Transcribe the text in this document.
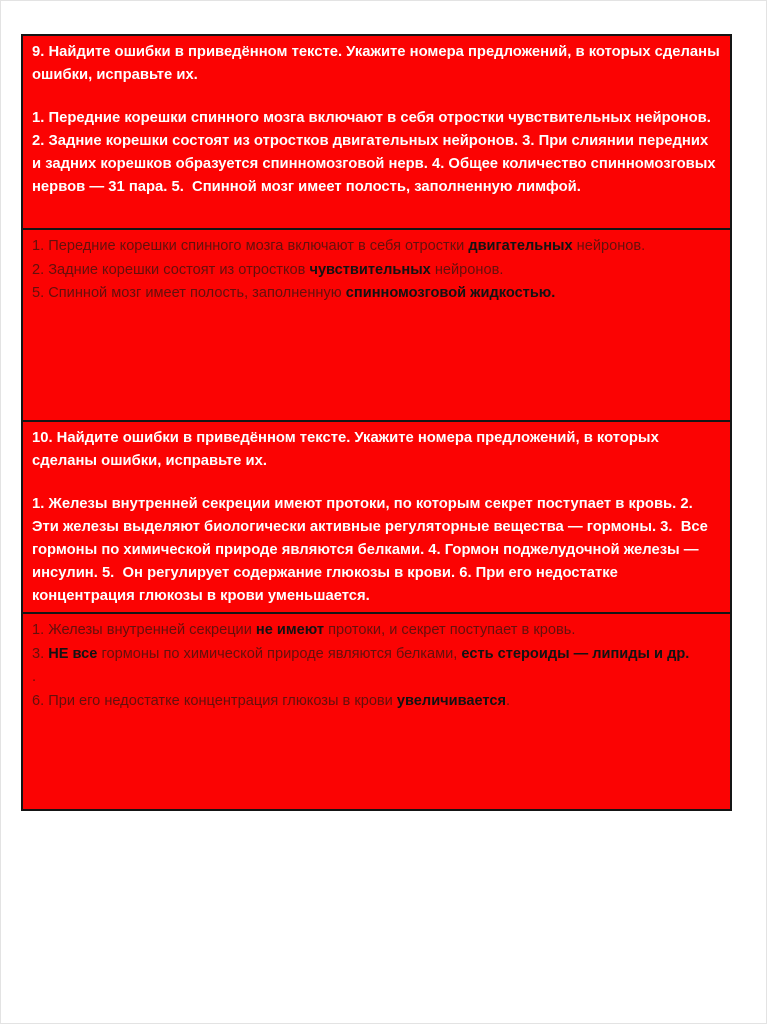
9. Найдите ошибки в приведённом тексте. Укажите номера предложений, в которых сделаны ошибки, исправьте их.

1. Передние корешки спинного мозга включают в себя отростки чувствительных нейронов. 2. Задние корешки состоят из отростков двигательных нейронов. 3. При слиянии передних и задних корешков образуется спинномозговой нерв. 4. Общее количество спинномозговых нервов — 31 пара. 5.  Спинной мозг имеет полость, заполненную лимфой.

1. Передние корешки спинного мозга включают в себя отростки двигательных нейронов.
2. Задние корешки состоят из отростков чувствительных нейронов.
5. Спинной мозг имеет полость, заполненную спинномозговой жидкостью.

10. Найдите ошибки в приведённом тексте. Укажите номера предложений, в которых сделаны ошибки, исправьте их.

1. Железы внутренней секреции имеют протоки, по которым секрет поступает в кровь. 2. Эти железы выделяют биологически активные регуляторные вещества — гормоны. 3.  Все гормоны по химической природе являются белками. 4. Гормон поджелудочной железы — инсулин. 5.  Он регулирует содержание глюкозы в крови. 6. При его недостатке концентрация глюкозы в крови уменьшается.

1. Железы внутренней секреции не имеют протоки, и секрет поступает в кровь.
3. НЕ все гормоны по химической природе являются белками, есть стероиды — липиды и др.
.
6. При его недостатке концентрация глюкозы в крови увеличивается.
